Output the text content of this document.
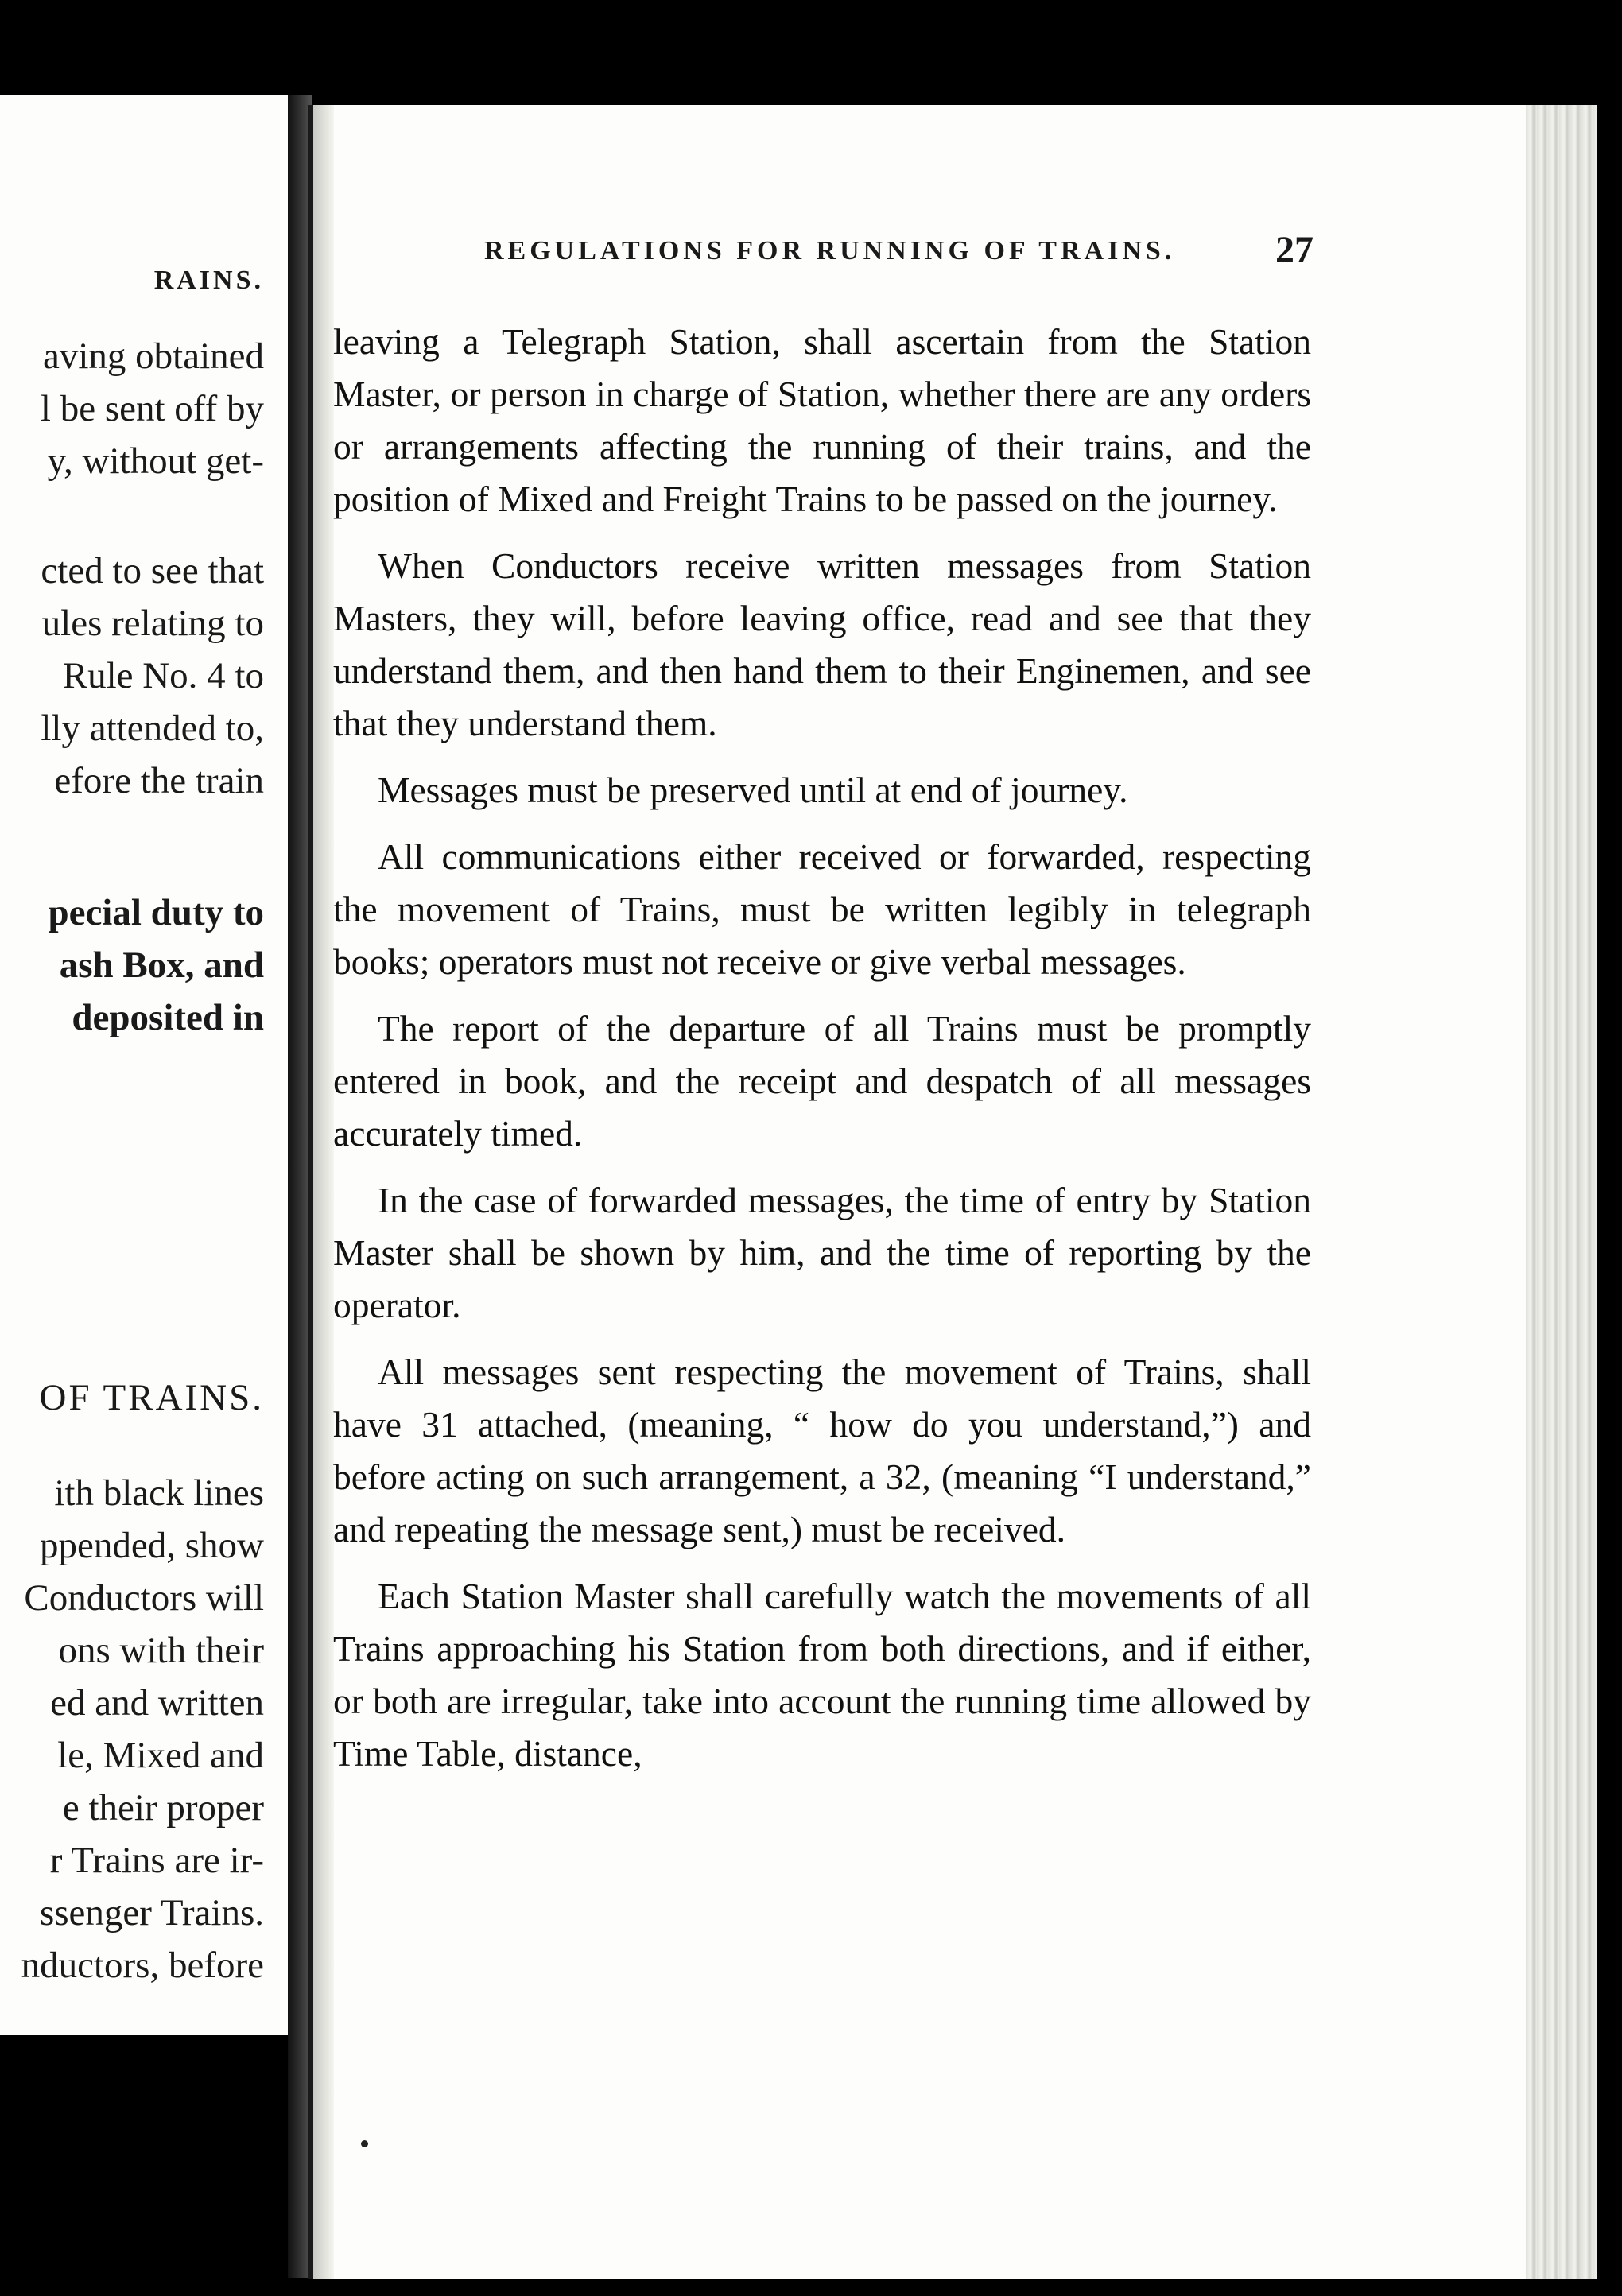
RAINS.
aving obtained
l be sent off by
y, without get-
cted to see that
ules relating to
Rule No. 4 to
lly attended to,
efore the train
pecial duty to
ash Box, and
deposited in
OF TRAINS.
ith black lines
ppended, show
Conductors will
ons with their
ed and written
le, Mixed and
e their proper
r Trains are ir-
ssenger Trains.
nductors, before
REGULATIONS FOR RUNNING OF TRAINS.	27

leaving a Telegraph Station, shall ascertain from the Station Master, or person in charge of Station, whether there are any orders or arrangements affecting the running of their trains, and the position of Mixed and Freight Trains to be passed on the journey.

When Conductors receive written messages from Station Masters, they will, before leaving office, read and see that they understand them, and then hand them to their Enginemen, and see that they understand them.

Messages must be preserved until at end of journey.

All communications either received or forwarded, respecting the movement of Trains, must be written legibly in telegraph books; operators must not receive or give verbal messages.

The report of the departure of all Trains must be promptly entered in book, and the receipt and despatch of all messages accurately timed.

In the case of forwarded messages, the time of entry by Station Master shall be shown by him, and the time of reporting by the operator.

All messages sent respecting the movement of Trains, shall have 31 attached, (meaning, “ how do you understand,”) and before acting on such arrangement, a 32, (meaning “I understand,” and repeating the message sent,) must be received.

Each Station Master shall carefully watch the movements of all Trains approaching his Station from both directions, and if either, or both are irregular, take into account the running time allowed by Time Table, distance,
